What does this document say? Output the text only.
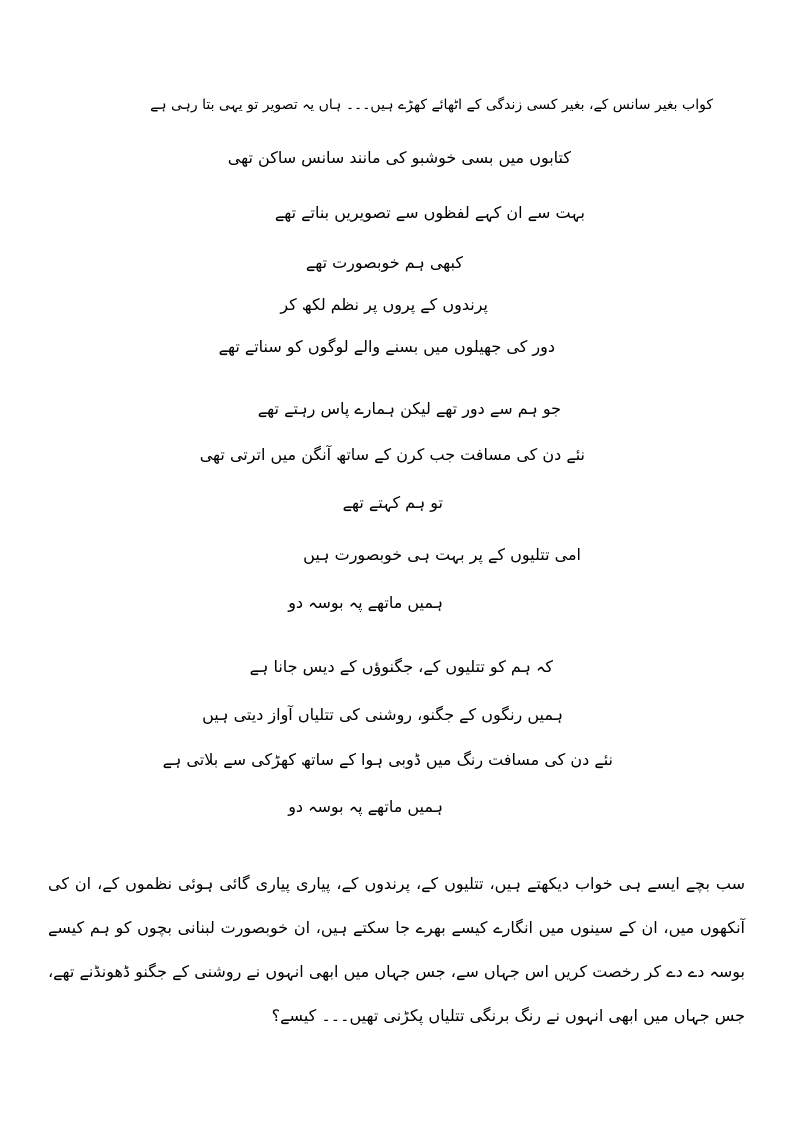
کواب بغیر سانس کے، بغیر کسی زندگی کے اٹھائے کھڑے ہیں۔۔۔ ہاں یہ تصویر تو یہی بتا رہی ہے
کتابوں میں بسی خوشبو کی مانند سانس ساکن تھی
بہت سے ان کہے لفظوں سے تصویریں بناتے تھے
کبھی ہم خوبصورت تھے
پرندوں کے پروں پر نظم لکھ کر
دور کی جھیلوں میں بسنے والے لوگوں کو سناتے تھے
جو ہم سے دور تھے لیکن ہمارے پاس رہتے تھے
نئے دن کی مسافت جب کرن کے ساتھ آنگن میں اترتی تھی
تو ہم کہتے تھے
امی تتلیوں کے پر بہت ہی خوبصورت ہیں
ہمیں ماتھے پہ بوسہ دو
کہ ہم کو تتلیوں کے، جگنوؤں کے دیس جانا ہے
ہمیں رنگوں کے جگنو، روشنی کی تتلیاں آواز دیتی ہیں
نئے دن کی مسافت رنگ میں ڈوبی ہوا کے ساتھ کھڑکی سے بلاتی ہے
ہمیں ماتھے پہ بوسہ دو
سب بچے ایسے ہی خواب دیکھتے ہیں، تتلیوں کے، پرندوں کے، پیاری پیاری گائی ہوئی نظموں کے، ان کی آنکھوں میں، ان کے سینوں میں انگارے کیسے بھرے جا سکتے ہیں، ان خوبصورت لبنانی بچوں کو ہم کیسے بوسہ دے دے کر رخصت کریں اس جہاں سے، جس جہاں میں ابھی انہوں نے روشنی کے جگنو ڈھونڈنے تھے، جس جہاں میں ابھی انہوں نے رنگ برنگی تتلیاں پکڑنی تھیں۔۔۔ کیسے؟
